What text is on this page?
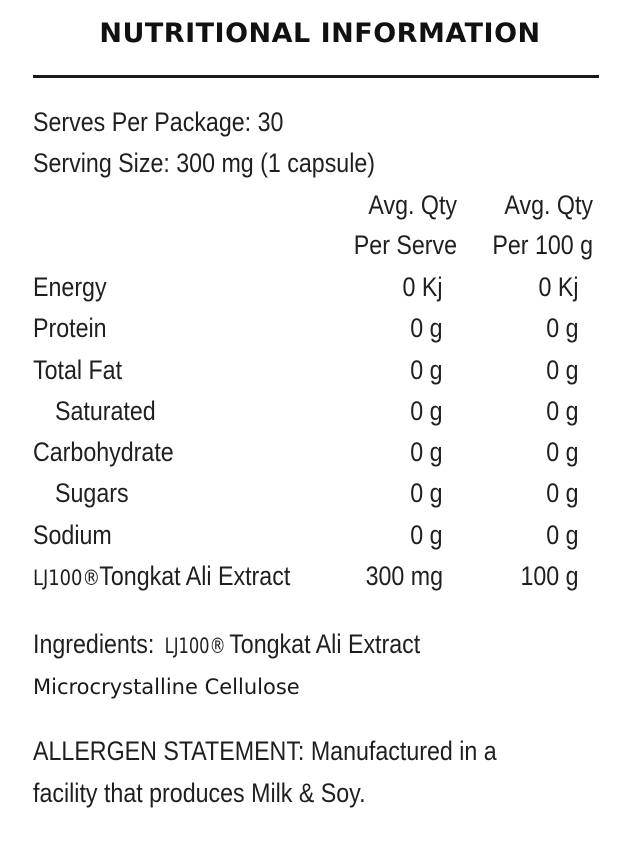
NUTRITIONAL INFORMATION
Serves Per Package: 30
Serving Size: 300 mg (1 capsule)
Avg. Qty
Per Serve
Avg. Qty
Per 100 g
Energy	0 Kj	0 Kj
Protein	0 g	0 g
Total Fat	0 g	0 g
Saturated	0 g	0 g
Carbohydrate	0 g	0 g
Sugars	0 g	0 g
Sodium	0 g	0 g
LJ100®Tongkat Ali Extract	300 mg	100 g
Ingredients: LJ100® Tongkat Ali Extract
Microcrystalline Cellulose
ALLERGEN STATEMENT: Manufactured in a
facility that produces Milk & Soy.
